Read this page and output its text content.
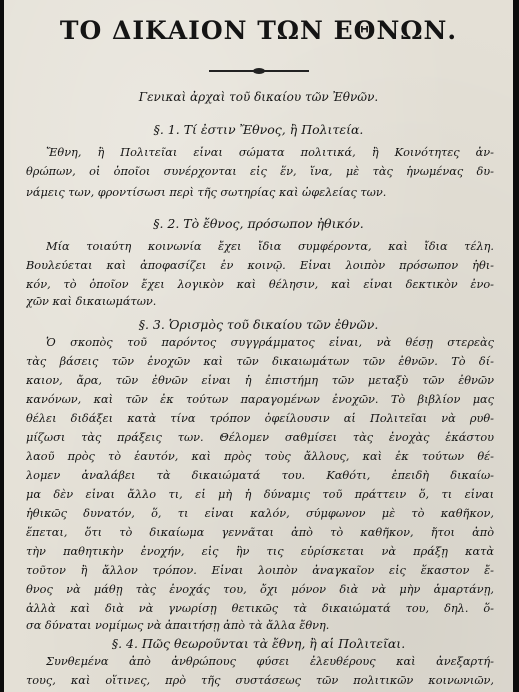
ΤΟ ΔΙΚΑΙΟΝ ΤΩΝ ΕΘΝΩΝ.
Γενικαὶ ἀρχαὶ τοῦ δικαίου τῶν Ἐθνῶν.
§. 1. Τί ἐστιν Ἔθνος, ἢ Πολιτεία.
Ἔθνη, ἢ Πολιτεῖαι εἶναι σώματα πολιτικά, ἢ Κοινότητες ἀν-
θρώπων, οἱ ὁποῖοι συνέρχονται εἰς ἕν, ἵνα, μὲ τὰς ἡνωμένας δυ-
νάμεις των, φροντίσωσι περὶ τῆς σωτηρίας καὶ ὠφελείας των.
§. 2. Τὸ ἔθνος, πρόσωπον ἠθικόν.
Μία τοιαύτη κοινωνία ἔχει ἴδια συμφέροντα, καὶ ἴδια τέλη.
Βουλεύεται καὶ ἀποφασίζει ἐν κοινῷ. Εἶναι λοιπὸν πρόσωπον ἠθι-
κόν, τὸ ὁποῖον ἔχει λογικὸν καὶ θέλησιν, καὶ εἶναι δεκτικὸν ἐνο-
χῶν καὶ δικαιωμάτων.
§. 3. Ὁρισμὸς τοῦ δικαίου τῶν ἐθνῶν.
Ὁ σκοπὸς τοῦ παρόντος συγγράμματος εἶναι, νὰ θέσῃ στερεὰς
τὰς βάσεις τῶν ἐνοχῶν καὶ τῶν δικαιωμάτων τῶν ἐθνῶν. Τὸ δί-
καιον, ἄρα, τῶν ἐθνῶν εἶναι ἡ ἐπιστήμη τῶν μεταξὺ τῶν ἐθνῶν
κανόνων, καὶ τῶν ἐκ τούτων παραγομένων ἐνοχῶν. Τὸ βιβλίον μας
θέλει διδάξει κατὰ τίνα τρόπον ὀφείλουσιν αἱ Πολιτεῖαι νὰ ρυθ-
μίζωσι τὰς πράξεις των. Θέλομεν σαθμίσει τὰς ἐνοχὰς ἑκάστου
λαοῦ πρὸς τὸ ἑαυτόν, καὶ πρὸς τοὺς ἄλλους, καὶ ἐκ τούτων θέ-
λομεν ἀναλάβει τὰ δικαιώματά του. Καθότι, ἐπειδὴ δικαίω-
μα δὲν εἶναι ἄλλο τι, εἰ μὴ ἡ δύναμις τοῦ πράττειν ὅ, τι εἶναι
ἠθικῶς δυνατόν, ὅ, τι εἶναι καλόν, σύμφωνον μὲ τὸ καθῆκον,
ἕπεται, ὅτι τὸ δικαίωμα γεννᾶται ἀπὸ τὸ καθῆκον, ἤτοι ἀπὸ
τὴν παθητικὴν ἐνοχήν, εἰς ἣν τις εὑρίσκεται νὰ πράξῃ κατὰ
τοῦτον ἢ ἄλλον τρόπον. Εἶναι λοιπὸν ἀναγκαῖον εἰς ἕκαστον ἔ-
θνος νὰ μάθῃ τὰς ἐνοχάς του, ὄχι μόνον διὰ νὰ μὴν ἁμαρτάνῃ,
ἀλλὰ καὶ διὰ νὰ γνωρίσῃ θετικῶς τὰ δικαιώματά του, δηλ. ὅ-
σα δύναται νομίμως νὰ ἀπαιτήσῃ ἀπὸ τὰ ἄλλα ἔθνη.
§. 4. Πῶς θεωροῦνται τὰ ἔθνη, ἢ αἱ Πολιτεῖαι.
Συνθεμένα ἀπὸ ἀνθρώπους φύσει ἐλευθέρους καὶ ἀνεξαρτή-
τους, καὶ οἵτινες, πρὸ τῆς συστάσεως τῶν πολιτικῶν κοινωνιῶν,
